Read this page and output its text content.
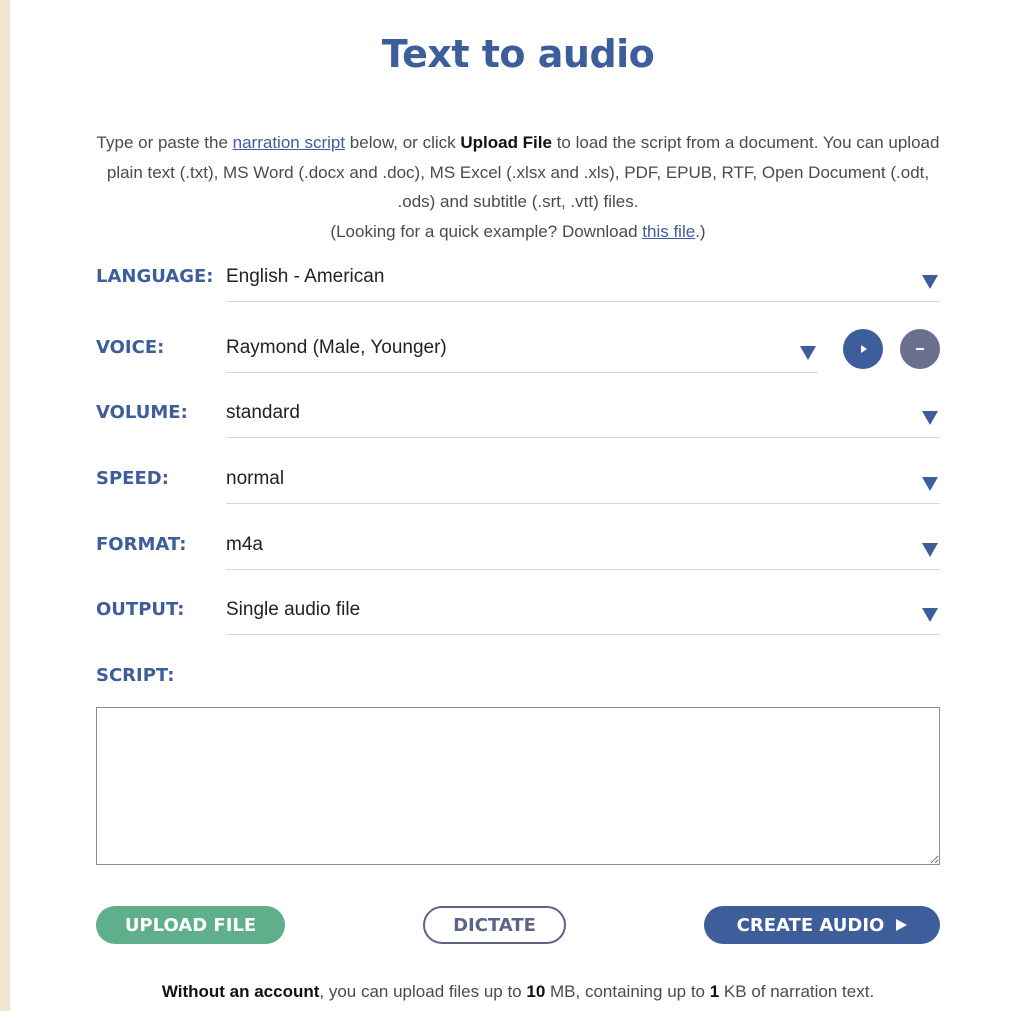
Text to audio
Type or paste the narration script below, or click Upload File to load the script from a document. You can upload plain text (.txt), MS Word (.docx and .doc), MS Excel (.xlsx and .xls), PDF, EPUB, RTF, Open Document (.odt, .ods) and subtitle (.srt, .vtt) files.
(Looking for a quick example? Download this file.)
LANGUAGE: English - American
VOICE:	Raymond (Male, Younger)
VOLUME: standard
SPEED:	normal
FORMAT: m4a
OUTPUT: Single audio file
SCRIPT:
UPLOAD FILE	DICTATE	CREATE AUDIO
Without an account, you can upload files up to 10 MB, containing up to 1 KB of narration text.
